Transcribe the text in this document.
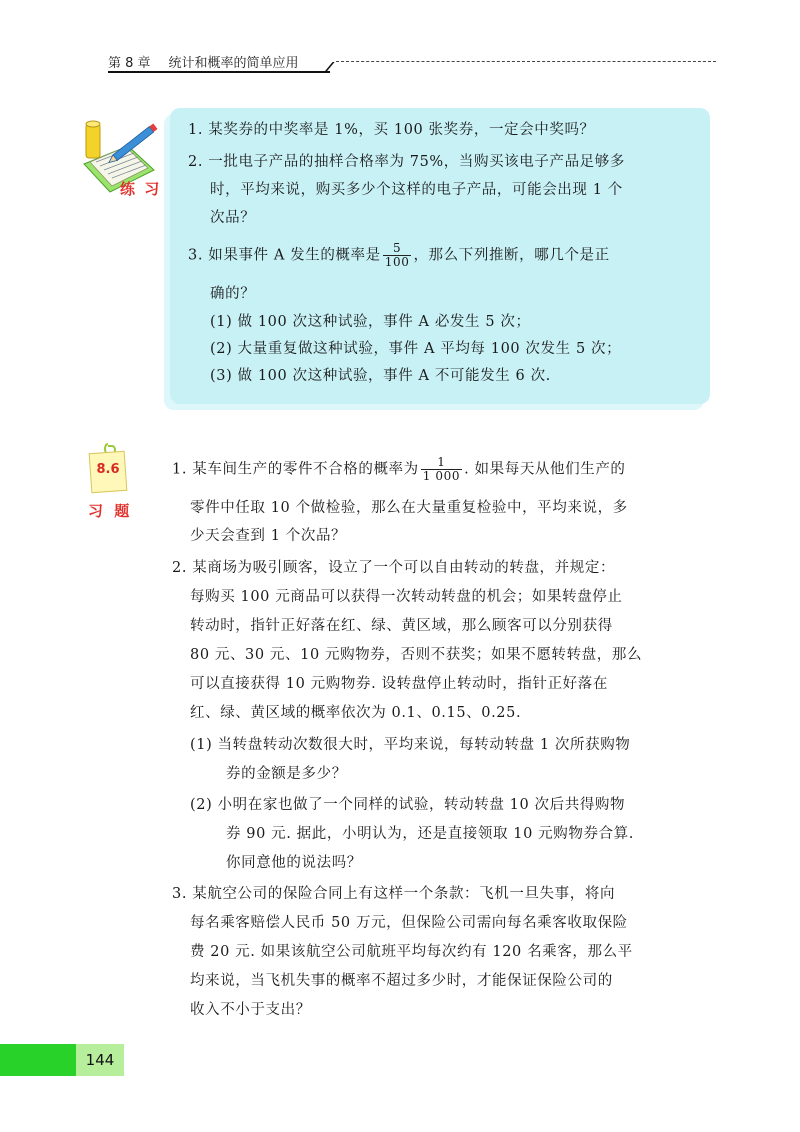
第 8 章 统计和概率的简单应用
练 习
1. 某奖券的中奖率是 1%，买 100 张奖券，一定会中奖吗？
2. 一批电子产品的抽样合格率为 75%，当购买该电子产品足够多
时，平均来说，购买多少个这样的电子产品，可能会出现 1 个
次品？
3. 如果事件 A 发生的概率是 $\frac{5}{100}$ ，那么下列推断，哪几个是正
确的？
(1) 做 100 次这种试验，事件 A 必发生 5 次；
(2) 大量重复做这种试验，事件 A 平均每 100 次发生 5 次；
(3) 做 100 次这种试验，事件 A 不可能发生 6 次.
8.6
习 题
1. 某车间生产的零件不合格的概率为 $\frac{1}{1 000}$ . 如果每天从他们生产的
零件中任取 10 个做检验，那么在大量重复检验中，平均来说，多
少天会查到 1 个次品？
2. 某商场为吸引顾客，设立了一个可以自由转动的转盘，并规定：
每购买 100 元商品可以获得一次转动转盘的机会；如果转盘停止
转动时，指针正好落在红、绿、黄区域，那么顾客可以分别获得
80 元、30 元、10 元购物券，否则不获奖；如果不愿转转盘，那么
可以直接获得 10 元购物券. 设转盘停止转动时，指针正好落在
红、绿、黄区域的概率依次为 0.1、0.15、0.25.
(1) 当转盘转动次数很大时，平均来说，每转动转盘 1 次所获购物
券的金额是多少？
(2) 小明在家也做了一个同样的试验，转动转盘 10 次后共得购物
券 90 元. 据此，小明认为，还是直接领取 10 元购物券合算.
你同意他的说法吗？
3. 某航空公司的保险合同上有这样一个条款：飞机一旦失事，将向
每名乘客赔偿人民币 50 万元，但保险公司需向每名乘客收取保险
费 20 元. 如果该航空公司航班平均每次约有 120 名乘客，那么平
均来说，当飞机失事的概率不超过多少时，才能保证保险公司的
收入不小于支出？
144
